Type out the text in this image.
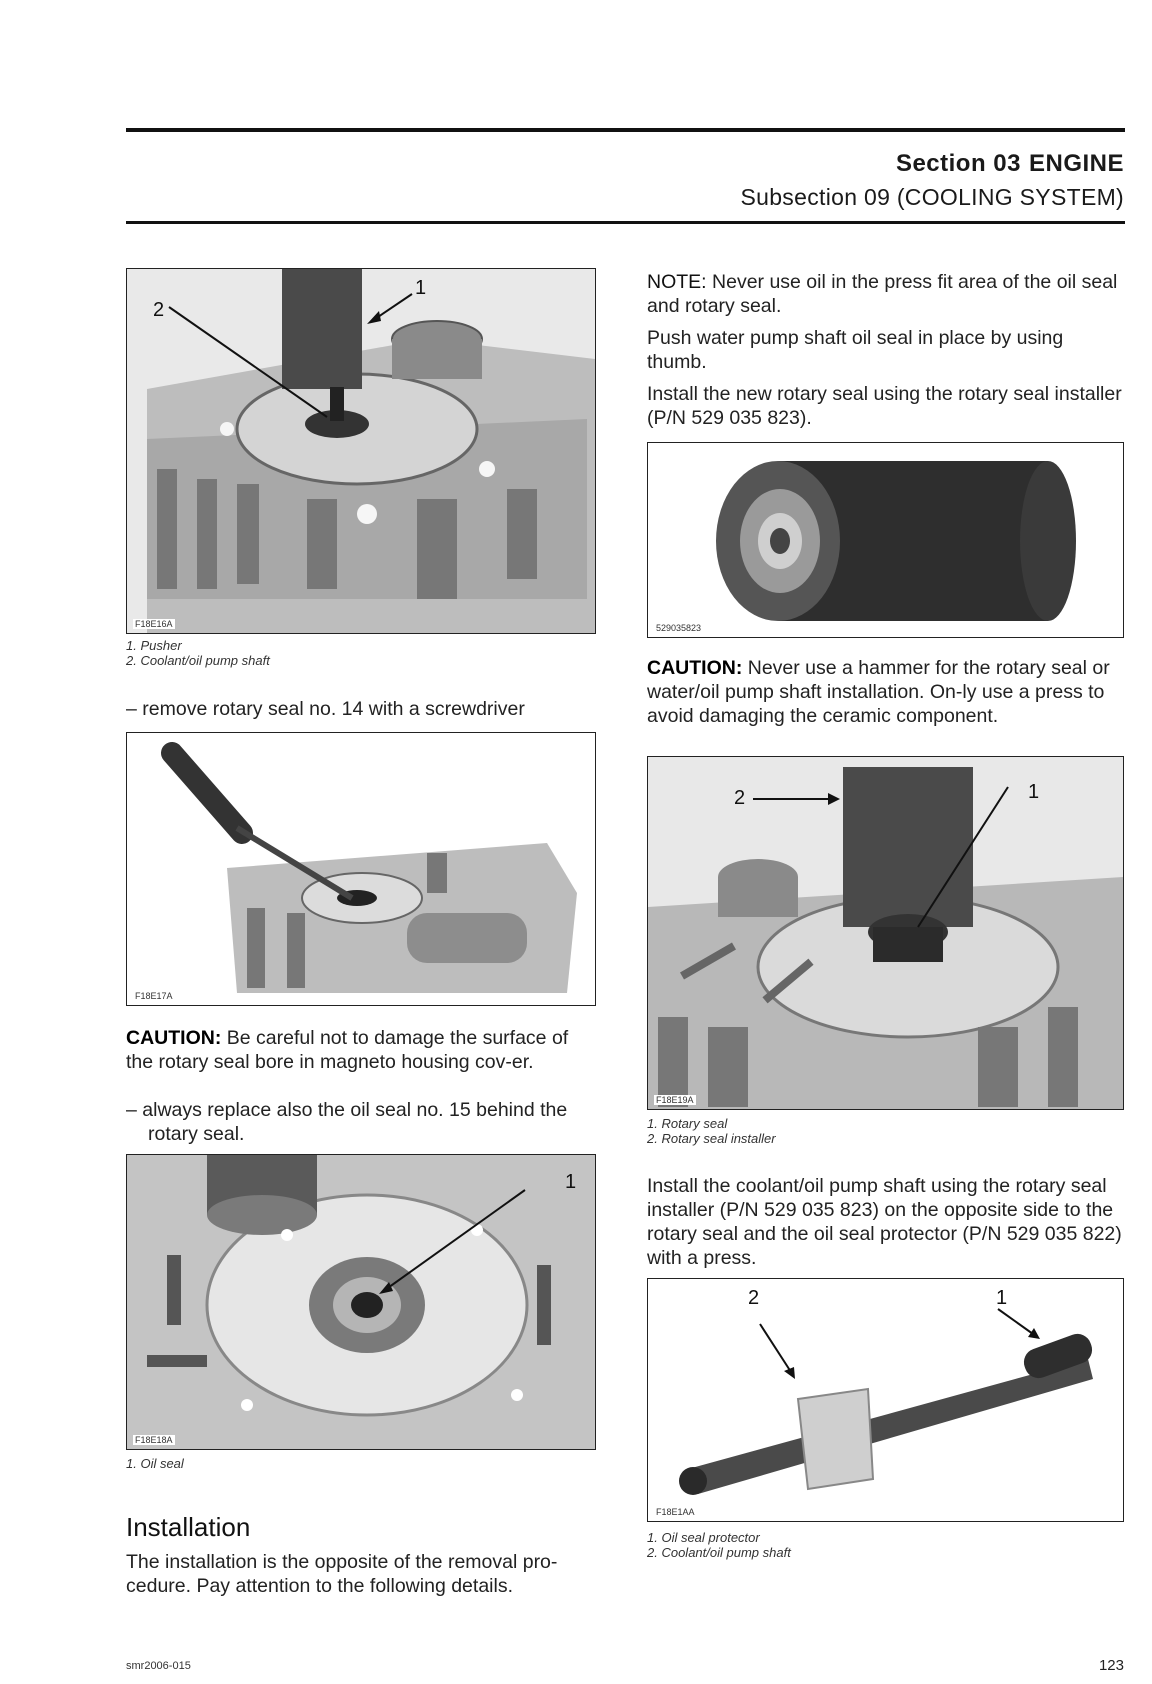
Section 03 ENGINE
Subsection 09 (COOLING SYSTEM)
2
1
F18E16A
1. Pusher
2. Coolant/oil pump shaft
– remove rotary seal no. 14 with a screwdriver
F18E17A
CAUTION: Be careful not to damage the surface of the rotary seal bore in magneto housing cov-er.
– always replace also the oil seal no. 15 behind the rotary seal.
1
F18E18A
1. Oil seal
Installation
The installation is the opposite of the removal pro-cedure. Pay attention to the following details.
NOTE: Never use oil in the press fit area of the oil seal and rotary seal.
Push water pump shaft oil seal in place by using thumb.
Install the new rotary seal using the rotary seal installer (P/N 529 035 823).
529035823
CAUTION: Never use a hammer for the rotary seal or water/oil pump shaft installation. On-ly use a press to avoid damaging the ceramic component.
2	1
F18E19A
1. Rotary seal
2. Rotary seal installer
Install the coolant/oil pump shaft using the rotary seal installer (P/N 529 035 823) on the opposite side to the rotary seal and the oil seal protector (P/N 529 035 822) with a press.
2	1
F18E1AA
1. Oil seal protector
2. Coolant/oil pump shaft
smr2006-015	123
